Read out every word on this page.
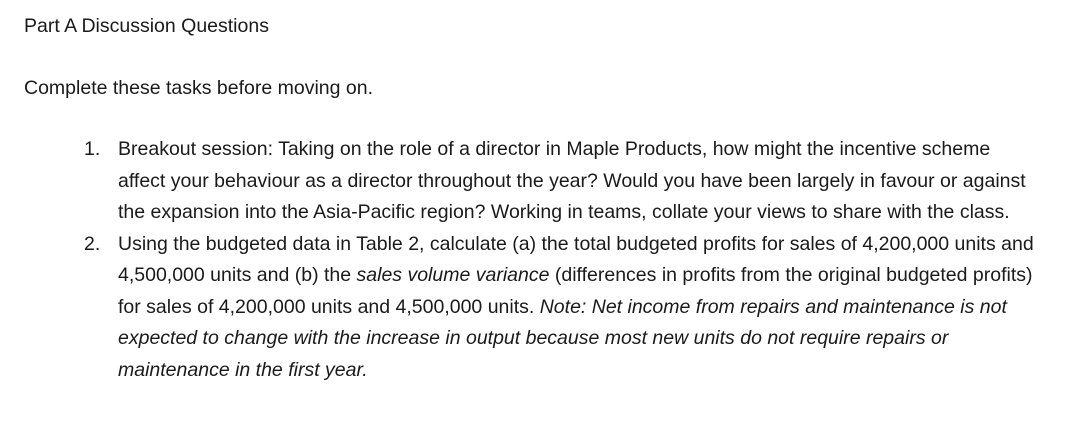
Part A Discussion Questions

Complete these tasks before moving on.

1. Breakout session: Taking on the role of a director in Maple Products, how might the incentive scheme affect your behaviour as a director throughout the year? Would you have been largely in favour or against the expansion into the Asia-Pacific region? Working in teams, collate your views to share with the class.
2. Using the budgeted data in Table 2, calculate (a) the total budgeted profits for sales of 4,200,000 units and 4,500,000 units and (b) the sales volume variance (differences in profits from the original budgeted profits) for sales of 4,200,000 units and 4,500,000 units. Note: Net income from repairs and maintenance is not expected to change with the increase in output because most new units do not require repairs or maintenance in the first year.
